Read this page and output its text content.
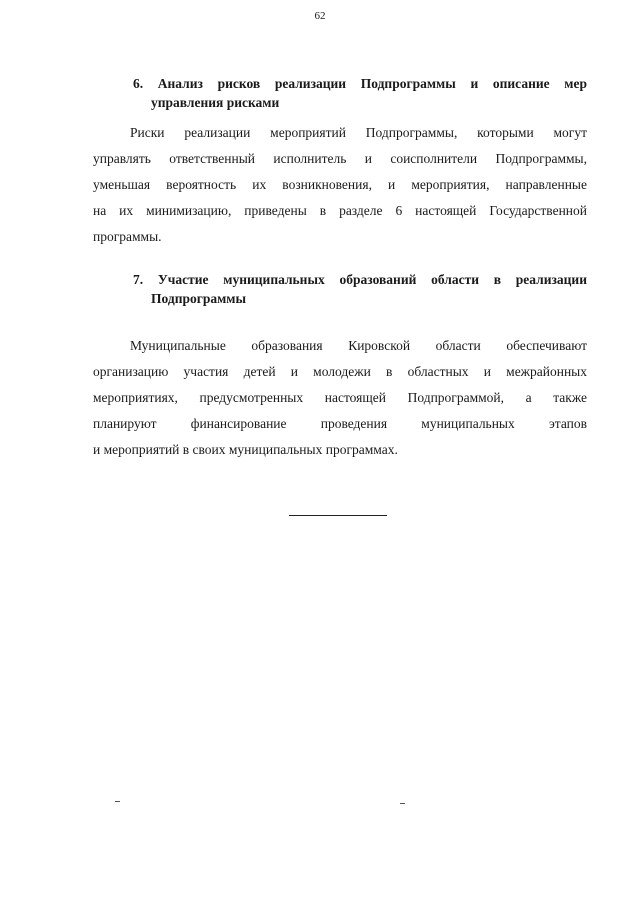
62
6. Анализ рисков реализации Подпрограммы и описание мер
управления рисками
Риски реализации мероприятий Подпрограммы, которыми могут
управлять ответственный исполнитель и соисполнители Подпрограммы,
уменьшая вероятность их возникновения, и мероприятия, направленные
на их минимизацию, приведены в разделе 6 настоящей Государственной
программы.
7. Участие муниципальных образований области в реализации
Подпрограммы
Муниципальные образования Кировской области обеспечивают
организацию участия детей и молодежи в областных и межрайонных
мероприятиях, предусмотренных настоящей Подпрограммой, а также
планируют финансирование проведения муниципальных этапов
и мероприятий в своих муниципальных программах.
